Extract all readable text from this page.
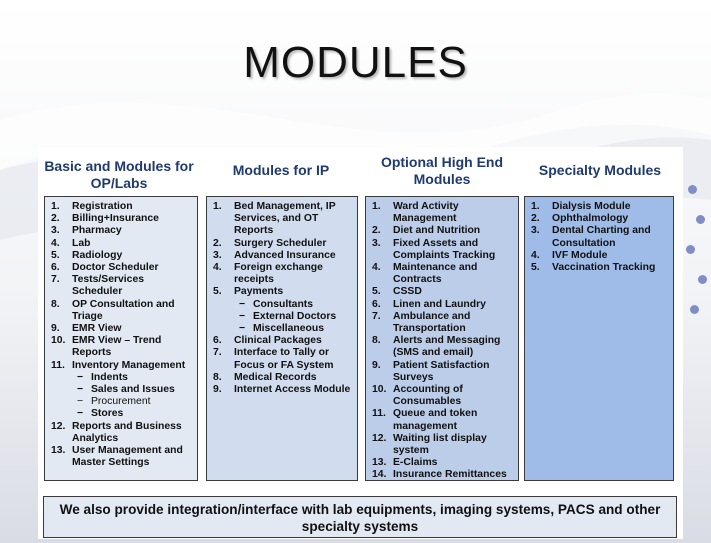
MODULES
Basic and Modules for OP/Labs
Modules for IP	Optional High End Modules
Specialty Modules
1. Registration
2. Billing+Insurance
3. Pharmacy
4. Lab
5. Radiology
6. Doctor Scheduler
7. Tests/Services Scheduler
8. OP Consultation and Triage
9. EMR View
10. EMR View – Trend Reports
11. Inventory Management
− Indents
− Sales and Issues
− Procurement
− Stores
12. Reports and Business Analytics
13. User Management and Master Settings
1. Bed Management, IP Services, and OT Reports
2. Surgery Scheduler
3. Advanced Insurance
4. Foreign exchange receipts
5. Payments
− Consultants
− External Doctors
− Miscellaneous
6. Clinical Packages
7. Interface to Tally or Focus or FA System
8. Medical Records
9. Internet Access Module
1. Ward Activity Management
2. Diet and Nutrition
3. Fixed Assets and Complaints Tracking
4. Maintenance and Contracts
5. CSSD
6. Linen and Laundry
7. Ambulance and Transportation
8. Alerts and Messaging (SMS and email)
9. Patient Satisfaction Surveys
10. Accounting of Consumables
11. Queue and token management
12. Waiting list display system
13. E-Claims
14. Insurance Remittances
1. Dialysis Module
2. Ophthalmology
3. Dental Charting and Consultation
4. IVF Module
5. Vaccination Tracking
We also provide integration/interface with lab equipments, imaging systems, PACS and other specialty systems
